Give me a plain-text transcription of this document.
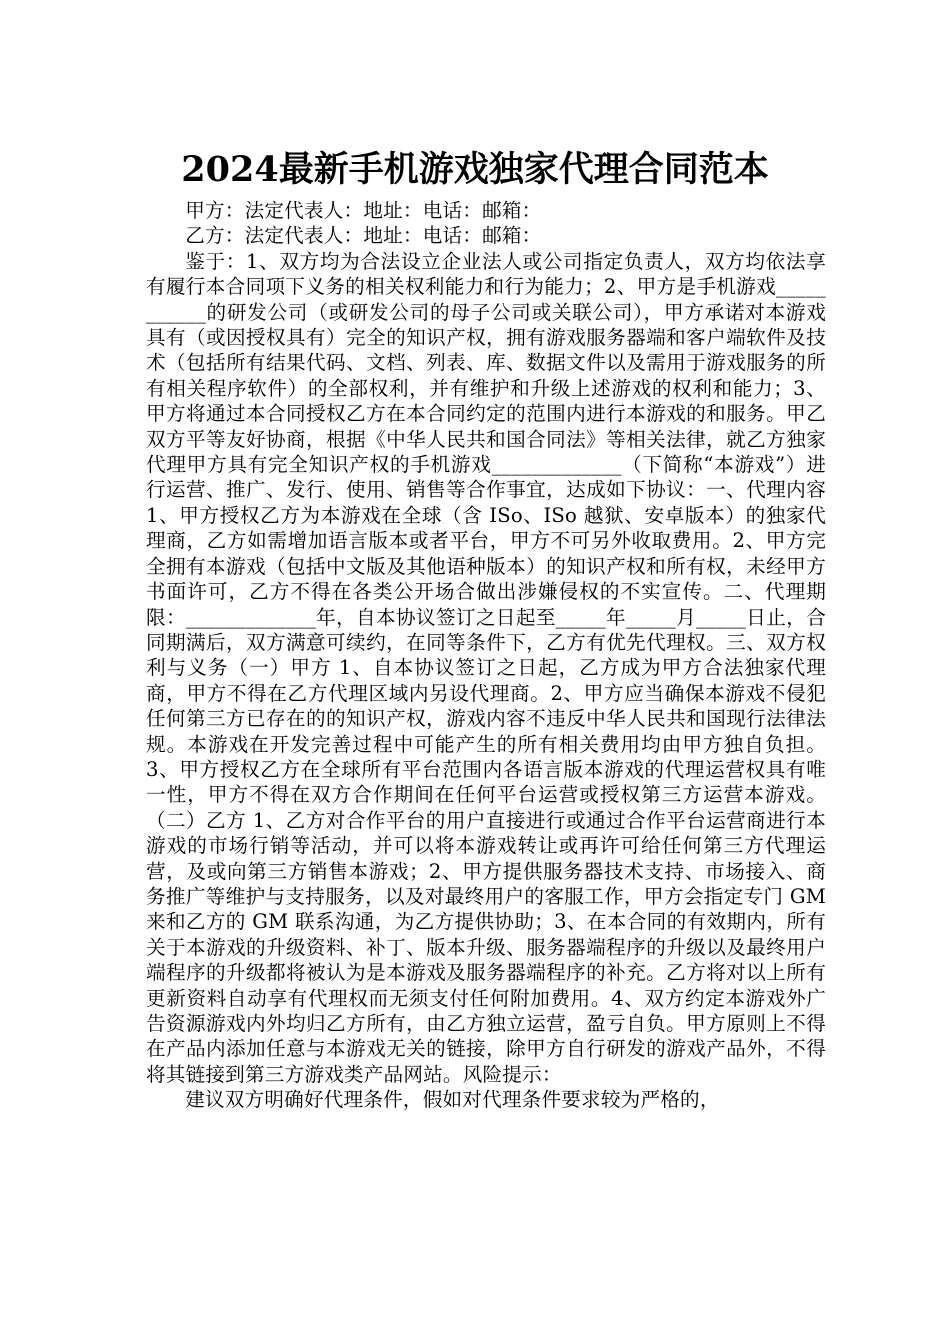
2024最新手机游戏独家代理合同范本

甲方：法定代表人：地址：电话：邮箱：

乙方：法定代表人：地址：电话：邮箱：

鉴于：1、双方均为合法设立企业法人或公司指定负责人，双方均依法享有履行本合同项下义务的相关权利能力和行为能力；2、甲方是手机游戏___________的研发公司（或研发公司的母子公司或关联公司），甲方承诺对本游戏具有（或因授权具有）完全的知识产权，拥有游戏服务器端和客户端软件及技术（包括所有结果代码、文档、列表、库、数据文件以及需用于游戏服务的所有相关程序软件）的全部权利，并有维护和升级上述游戏的权利和能力；3、甲方将通过本合同授权乙方在本合同约定的范围内进行本游戏的和服务。甲乙双方平等友好协商，根据《中华人民共和国合同法》等相关法律，就乙方独家代理甲方具有完全知识产权的手机游戏_____________（下简称“本游戏”）进行运营、推广、发行、使用、销售等合作事宜，达成如下协议：一、代理内容 1、甲方授权乙方为本游戏在全球（含 ISo、ISo 越狱、安卓版本）的独家代理商，乙方如需增加语言版本或者平台，甲方不可另外收取费用。2、甲方完全拥有本游戏（包括中文版及其他语种版本）的知识产权和所有权，未经甲方书面许可，乙方不得在各类公开场合做出涉嫌侵权的不实宣传。二、代理期限：_____________年，自本协议签订之日起至_____年_____月_____日止，合同期满后，双方满意可续约，在同等条件下，乙方有优先代理权。三、双方权利与义务（一）甲方 1、自本协议签订之日起，乙方成为甲方合法独家代理商，甲方不得在乙方代理区域内另设代理商。2、甲方应当确保本游戏不侵犯任何第三方已存在的的知识产权，游戏内容不违反中华人民共和国现行法律法规。本游戏在开发完善过程中可能产生的所有相关费用均由甲方独自负担。3、甲方授权乙方在全球所有平台范围内各语言版本游戏的代理运营权具有唯一性，甲方不得在双方合作期间在任何平台运营或授权第三方运营本游戏。（二）乙方 1、乙方对合作平台的用户直接进行或通过合作平台运营商进行本游戏的市场行销等活动，并可以将本游戏转让或再许可给任何第三方代理运营，及或向第三方销售本游戏；2、甲方提供服务器技术支持、市场接入、商务推广等维护与支持服务，以及对最终用户的客服工作，甲方会指定专门 GM 来和乙方的 GM 联系沟通，为乙方提供协助；3、在本合同的有效期内，所有关于本游戏的升级资料、补丁、版本升级、服务器端程序的升级以及最终用户端程序的升级都将被认为是本游戏及服务器端程序的补充。乙方将对以上所有更新资料自动享有代理权而无须支付任何附加费用。4、双方约定本游戏外广告资源游戏内外均归乙方所有，由乙方独立运营，盈亏自负。甲方原则上不得在产品内添加任意与本游戏无关的链接，除甲方自行研发的游戏产品外，不得将其链接到第三方游戏类产品网站。风险提示：

建议双方明确好代理条件，假如对代理条件要求较为严格的，
